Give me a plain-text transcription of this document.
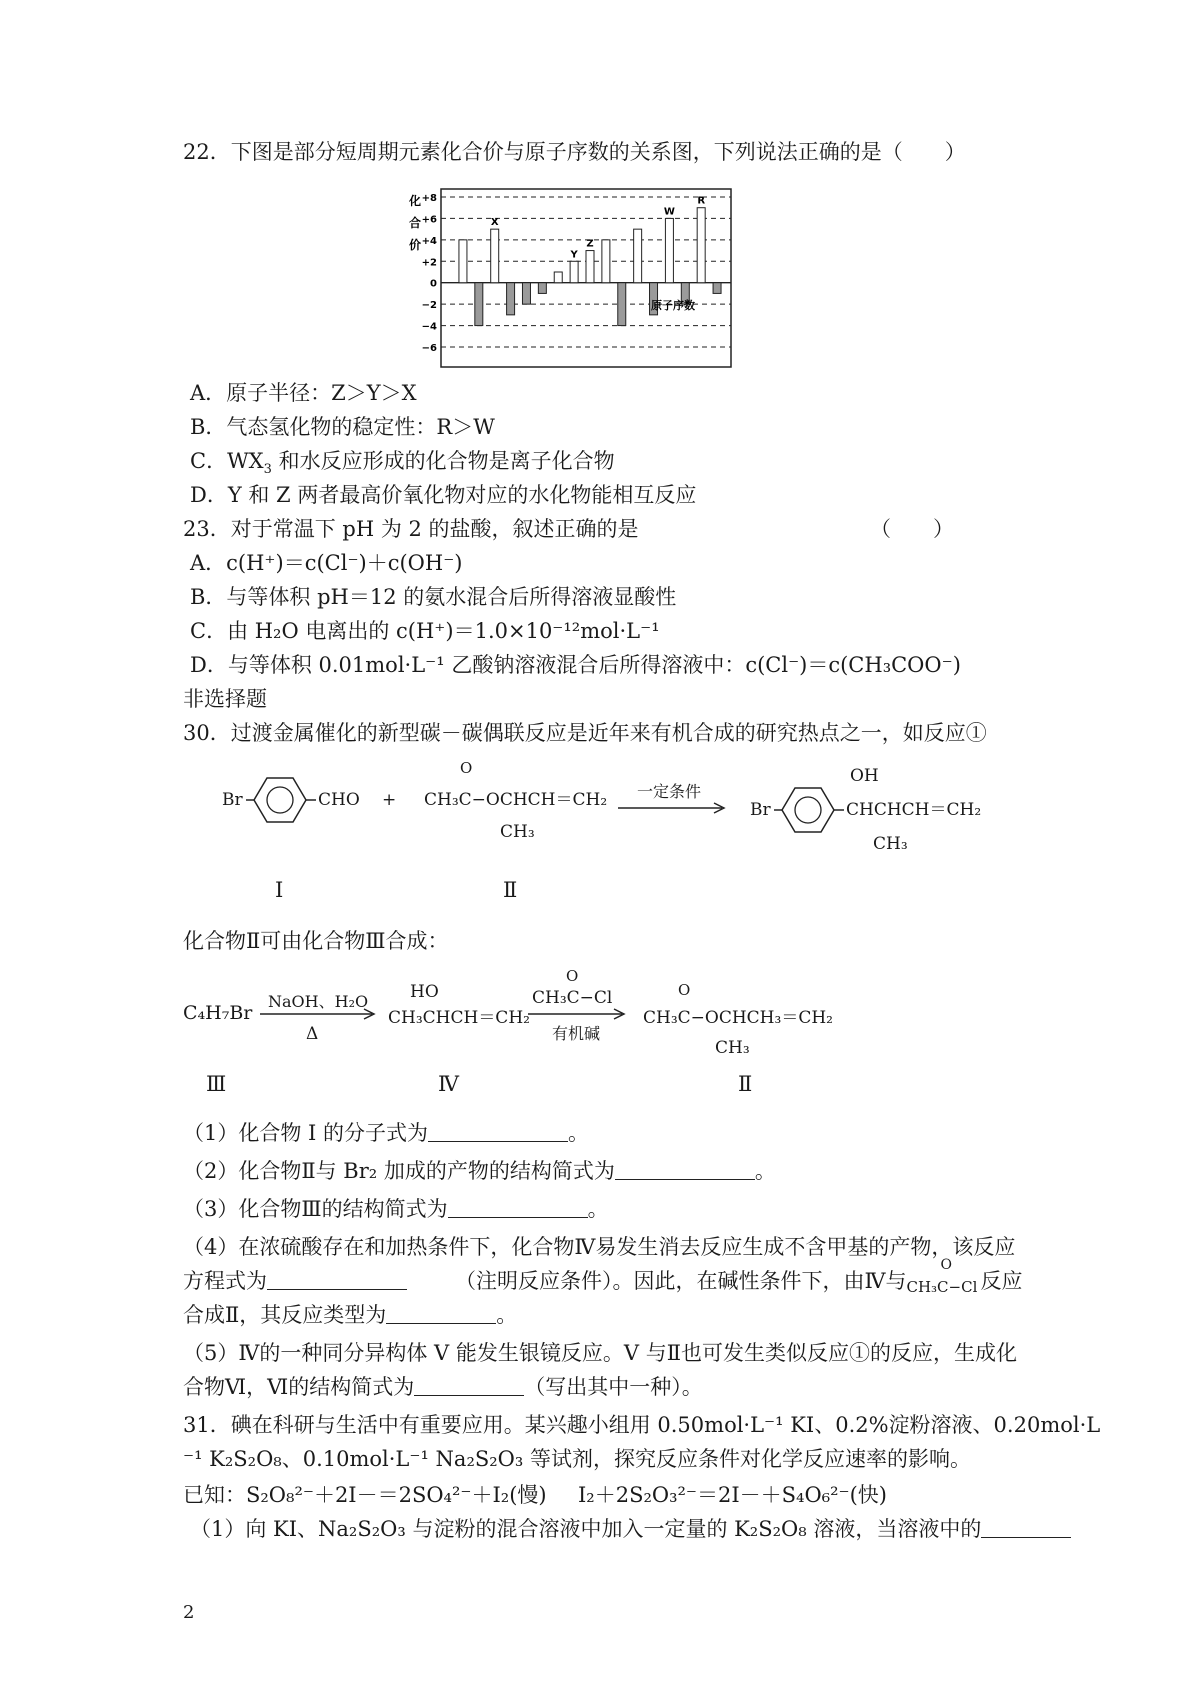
22．下图是部分短周期元素化合价与原子序数的关系图，下列说法正确的是（　　）
化
合
价
+8
+6
+4
+2
0
−2
−4
−6
X
Y
Z
W
R
原子序数
A．原子半径：Z＞Y＞X
B．气态氢化物的稳定性：R＞W
C．$WX_3$ 和水反应形成的化合物是离子化合物
D．Y 和 Z 两者最高价氧化物对应的水化物能相互反应
23．对于常温下 pH 为 2 的盐酸，叙述正确的是	（　　）
A．c(H⁺)＝c(Cl⁻)＋c(OH⁻)
B．与等体积 pH＝12 的氨水混合后所得溶液显酸性
C．由 H₂O 电离出的 c(H⁺)＝1.0×10⁻¹²mol·L⁻¹
D．与等体积 0.01mol·L⁻¹ 乙酸钠溶液混合后所得溶液中：c(Cl⁻)＝c(CH₃COO⁻)
非选择题
30．过渡金属催化的新型碳－碳偶联反应是近年来有机合成的研究热点之一，如反应①
Br	CHO +
O
CH₃C−OCHCH＝CH₂
CH₃
一定条件
Br
OH
CHCHCH＝CH₂
CH₃
Ⅰ	Ⅱ
化合物Ⅱ可由化合物Ⅲ合成：
C₄H₇Br
NaOH、H₂O
Δ
HO
CH₃CHCH＝CH₂
O
CH₃C−Cl
有机碱
O
CH₃C−OCHCH₃＝CH₂
CH₃
Ⅲ	Ⅳ	Ⅱ
（1）化合物 I 的分子式为	。
（2）化合物Ⅱ与 Br₂ 加成的产物的结构简式为	。
（3）化合物Ⅲ的结构简式为	。
（4）在浓硫酸存在和加热条件下，化合物Ⅳ易发生消去反应生成不含甲基的产物，该反应
方程式为	（注明反应条件）。因此，在碱性条件下，由Ⅳ与
O
CH₃C−Cl 反应
合成Ⅱ，其反应类型为	。
（5）Ⅳ的一种同分异构体 V 能发生银镜反应。V 与Ⅱ也可发生类似反应①的反应，生成化
合物Ⅵ，Ⅵ的结构简式为	（写出其中一种）。
31．碘在科研与生活中有重要应用。某兴趣小组用 0.50mol·L⁻¹ KI、0.2%淀粉溶液、0.20mol·L
⁻¹ K₂S₂O₈、0.10mol·L⁻¹ Na₂S₂O₃ 等试剂，探究反应条件对化学反应速率的影响。
已知：S₂O₈²⁻＋2I－＝2SO₄²⁻＋I₂(慢) I₂＋2S₂O₃²⁻＝2I－＋S₄O₆²⁻(快)
（1）向 KI、Na₂S₂O₃ 与淀粉的混合溶液中加入一定量的 K₂S₂O₈ 溶液，当溶液中的
2
